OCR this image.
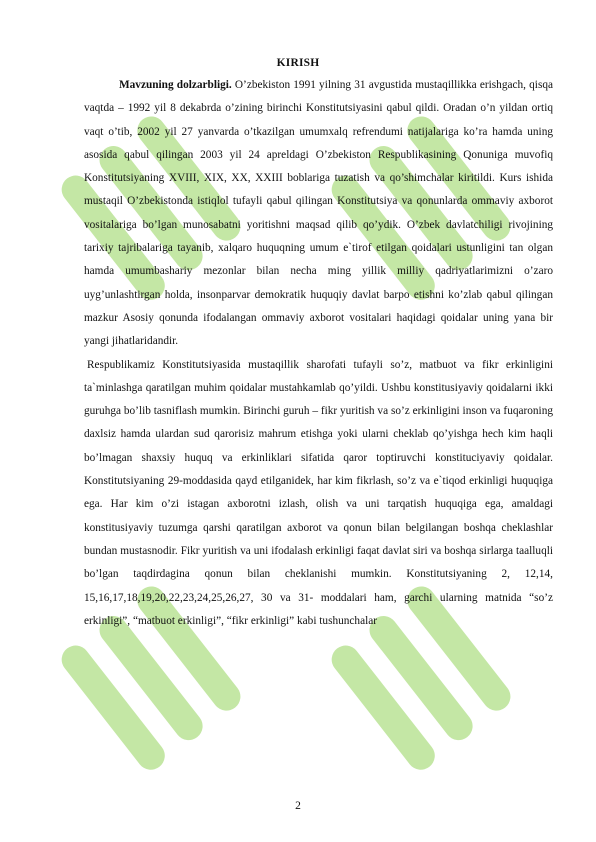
KIRISH

Mavzuning dolzarbligi. O’zbekiston 1991 yilning 31 avgustida mustaqillikka erishgach, qisqa vaqtda – 1992 yil 8 dekabrda o’zining birinchi Konstitutsiyasini qabul qildi. Oradan o’n yildan ortiq vaqt o’tib, 2002 yil 27 yanvarda o’tkazilgan umumxalq refrendumi natijalariga ko’ra hamda uning asosida qabul qilingan 2003 yil 24 apreldagi O’zbekiston Respublikasining Qonuniga muvofiq Konstitutsiyaning XVIII, XIX, XX, XXIII boblariga tuzatish va qo’shimchalar kiritildi. Kurs ishida mustaqil O’zbekistonda istiqlol tufayli qabul qilingan Konstitutsiya va qonunlarda ommaviy axborot vositalariga bo’lgan munosabatni yoritishni maqsad qilib qo’ydik. O’zbek davlatchiligi rivojining tarixiy tajribalariga tayanib, xalqaro huquqning umum e`tirof etilgan qoidalari ustunligini tan olgan hamda umumbashariy mezonlar bilan necha ming yillik milliy qadriyatlarimizni o’zaro uyg’unlashtirgan holda, insonparvar demokratik huquqiy davlat barpo etishni ko’zlab qabul qilingan mazkur Asosiy qonunda ifodalangan ommaviy axborot vositalari haqidagi qoidalar uning yana bir yangi jihatlaridandir.

Respublikamiz Konstitutsiyasida mustaqillik sharofati tufayli so’z, matbuot va fikr erkinligini ta`minlashga qaratilgan muhim qoidalar mustahkamlab qo’yildi. Ushbu konstitusiyaviy qoidalarni ikki guruhga bo’lib tasniflash mumkin. Birinchi guruh – fikr yuritish va so’z erkinligini inson va fuqaroning daxlsiz hamda ulardan sud qarorisiz mahrum etishga yoki ularni cheklab qo’yishga hech kim haqli bo’lmagan shaxsiy huquq va erkinliklari sifatida qaror toptiruvchi konstituciyaviy qoidalar. Konstitutsiyaning 29-moddasida qayd etilganidek, har kim fikrlash, so’z va e`tiqod erkinligi huquqiga ega. Har kim o’zi istagan axborotni izlash, olish va uni tarqatish huquqiga ega, amaldagi konstitusiyaviy tuzumga qarshi qaratilgan axborot va qonun bilan belgilangan boshqa cheklashlar bundan mustasnodir. Fikr yuritish va uni ifodalash erkinligi faqat davlat siri va boshqa sirlarga taalluqli bo’lgan taqdirdagina qonun bilan cheklanishi mumkin. Konstitutsiyaning 2, 12,14, 15,16,17,18,19,20,22,23,24,25,26,27, 30 va 31- moddalari ham, garchi ularning matnida “so’z erkinligi”, “matbuot erkinligi”, “fikr erkinligi” kabi tushunchalar

2
